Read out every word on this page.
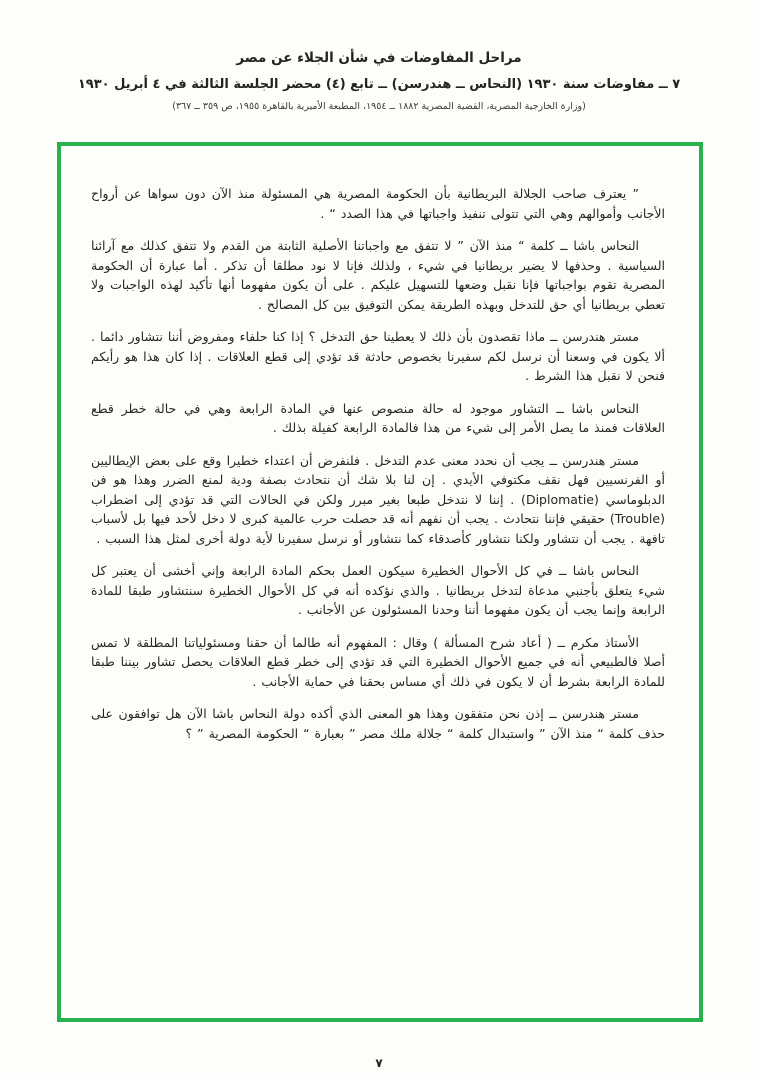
مراحل المفاوضات في شأن الجلاء عن مصر
٧ ــ مفاوضات سنة ١٩٣٠ (النحاس ــ هندرسن) ــ تابع (٤) محضر الجلسة الثالثة في ٤ أبريل ١٩٣٠
(وزارة الخارجية المصرية، القضية المصرية ١٨٨٢ ــ ١٩٥٤، المطبعة الأميرية بالقاهرة ١٩٥٥، ص ٣٥٩ ــ ٣٦٧)

” يعترف صاحب الجلالة البريطانية بأن الحكومة المصرية هي المسئولة منذ الآن دون سواها عن أرواح الأجانب وأموالهم وهي التي تتولى تنفيذ واجباتها في هذا الصدد “ .

النحاس باشا ــ كلمة “ منذ الآن ” لا تتفق مع واجباتنا الأصلية الثابتة من القدم ولا تتفق كذلك مع آرائنا السياسية . وحذفها لا يضير بريطانيا في شيء ، ولذلك فإنا لا نود مطلقا أن تذكر . أما عبارة أن الحكومة المصرية تقوم بواجباتها فإنا نقبل وضعها للتسهيل عليكم . على أن يكون مفهوما أنها تأكيد لهذه الواجبات ولا تعطي بريطانيا أي حق للتدخل وبهذه الطريقة يمكن التوفيق بين كل المصالح .

مستر هندرسن ــ ماذا تقصدون بأن ذلك لا يعطينا حق التدخل ؟ إذا كنا حلفاء ومفروض أننا نتشاور دائما . ألا يكون في وسعنا أن نرسل لكم سفيرنا بخصوص حادثة قد تؤدي إلى قطع العلاقات . إذا كان هذا هو رأيكم فنحن لا نقبل هذا الشرط .

النحاس باشا ــ التشاور موجود له حالة منصوص عنها في المادة الرابعة وهي في حالة خطر قطع العلاقات فمنذ ما يصل الأمر إلى شيء من هذا فالمادة الرابعة كفيلة بذلك .

مستر هندرسن ــ يجب أن نحدد معنى عدم التدخل . فلنفرض أن اعتداء خطيرا وقع على بعض الإيطاليين أو الفرنسيين فهل نقف مكتوفي الأيدي . إن لنا بلا شك أن نتحادث بصفة ودية لمنع الضرر وهذا هو فن الدبلوماسي (Diplomatie) . إننا لا نتدخل طبعا بغير مبرر ولكن في الحالات التي قد تؤدي إلى اضطراب (Trouble) حقيقي فإننا نتحادث . يجب أن نفهم أنه قد حصلت حرب عالمية كبرى لا دخل لأحد فيها بل لأسباب تافهة . يجب أن نتشاور ولكنا نتشاور كأصدقاء كما نتشاور أو نرسل سفيرنا لأية دولة أخرى لمثل هذا السبب .

النحاس باشا ــ في كل الأحوال الخطيرة سيكون العمل بحكم المادة الرابعة وإني أخشى أن يعتبر كل شيء يتعلق بأجنبي مدعاة لتدخل بريطانيا . والذي نؤكده أنه في كل الأحوال الخطيرة سنتشاور طبقا للمادة الرابعة وإنما يجب أن يكون مفهوما أننا وحدنا المسئولون عن الأجانب .

الأستاذ مكرم ــ ( أعاد شرح المسألة ) وقال : المفهوم أنه طالما أن حقنا ومسئولياتنا المطلقة لا تمس أصلا فالطبيعي أنه في جميع الأحوال الخطيرة التي قد تؤدي إلى خطر قطع العلاقات يحصل تشاور بيننا طبقا للمادة الرابعة بشرط أن لا يكون في ذلك أي مساس بحقنا في حماية الأجانب .

مستر هندرسن ــ إذن نحن متفقون وهذا هو المعنى الذي أكده دولة النحاس باشا الآن هل توافقون على حذف كلمة “ منذ الآن ” واستبدال كلمة “ جلالة ملك مصر ” بعبارة “ الحكومة المصرية ” ؟

٧
